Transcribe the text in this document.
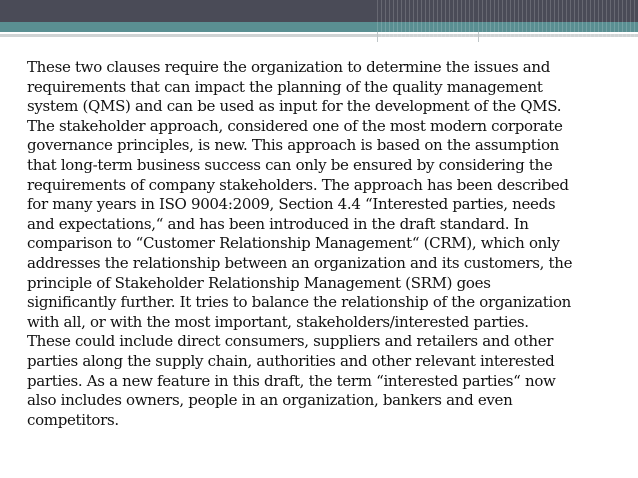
These two clauses require the organization to determine the issues and
requirements that can impact the planning of the quality management
system (QMS) and can be used as input for the development of the QMS.
The stakeholder approach, considered one of the most modern corporate
governance principles, is new. This approach is based on the assumption
that long-term business success can only be ensured by considering the
requirements of company stakeholders. The approach has been described
for many years in ISO 9004:2009, Section 4.4 “Interested parties, needs
and expectations,“ and has been introduced in the draft standard. In
comparison to “Customer Relationship Management“ (CRM), which only
addresses the relationship between an organization and its customers, the
principle of Stakeholder Relationship Management (SRM) goes
significantly further. It tries to balance the relationship of the organization
with all, or with the most important, stakeholders/interested parties.
These could include direct consumers, suppliers and retailers and other
parties along the supply chain, authorities and other relevant interested
parties. As a new feature in this draft, the term “interested parties“ now
also includes owners, people in an organization, bankers and even
competitors.
